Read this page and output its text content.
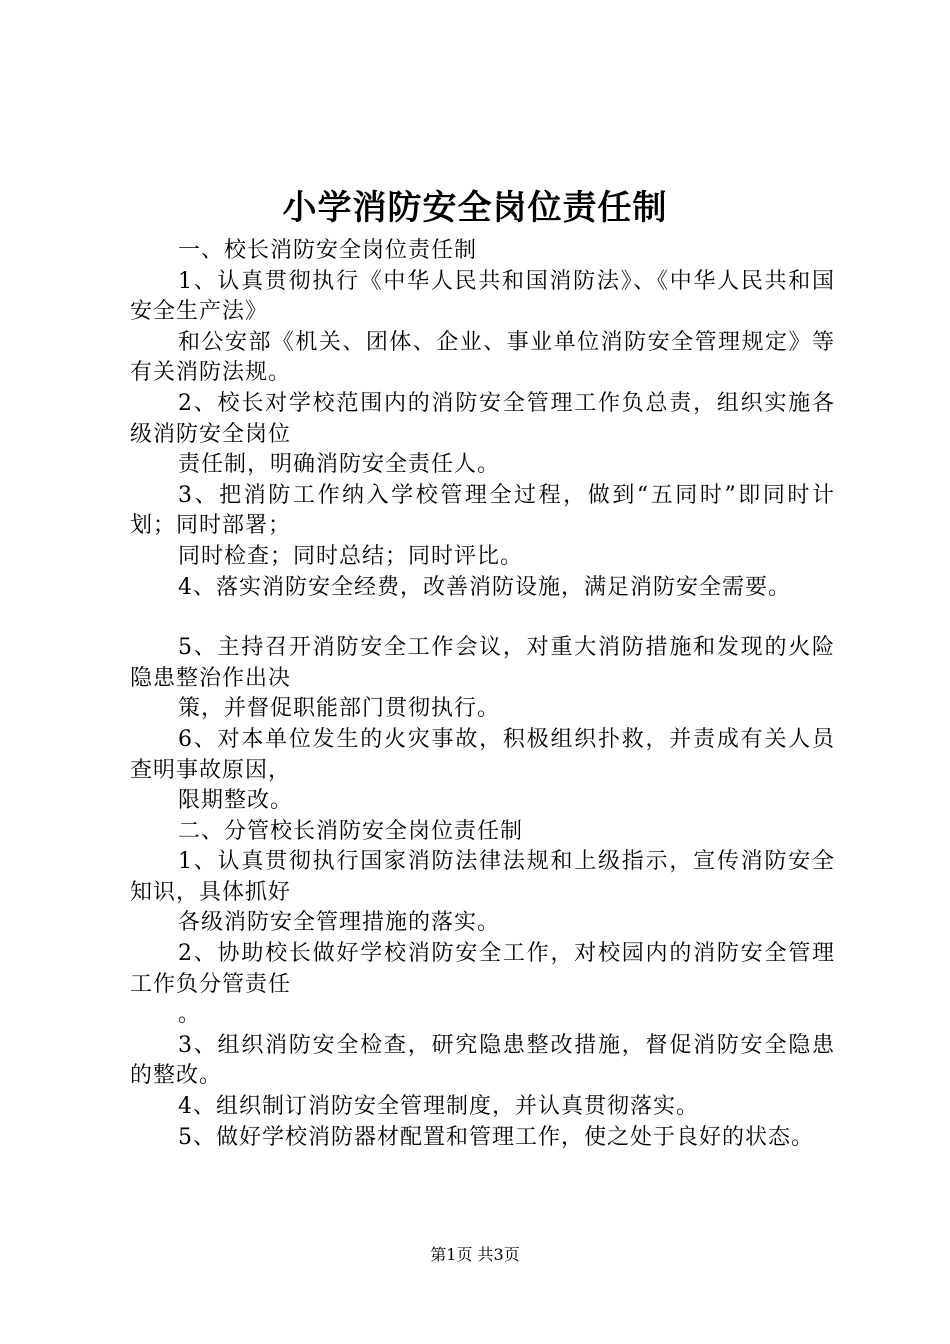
小学消防安全岗位责任制

一、校长消防安全岗位责任制

1、认真贯彻执行《中华人民共和国消防法》、《中华人民共和国安全生产法》

和公安部《机关、团体、企业、事业单位消防安全管理规定》等有关消防法规。

2、校长对学校范围内的消防安全管理工作负总责，组织实施各级消防安全岗位

责任制，明确消防安全责任人。

3、把消防工作纳入学校管理全过程，做到“五同时”即同时计划；同时部署；

同时检查；同时总结；同时评比。

4、落实消防安全经费，改善消防设施，满足消防安全需要。

5、主持召开消防安全工作会议，对重大消防措施和发现的火险隐患整治作出决

策，并督促职能部门贯彻执行。

6、对本单位发生的火灾事故，积极组织扑救，并责成有关人员查明事故原因，

限期整改。

二、分管校长消防安全岗位责任制

1、认真贯彻执行国家消防法律法规和上级指示，宣传消防安全知识，具体抓好

各级消防安全管理措施的落实。

2、协助校长做好学校消防安全工作，对校园内的消防安全管理工作负分管责任

。

3、组织消防安全检查，研究隐患整改措施，督促消防安全隐患的整改。

4、组织制订消防安全管理制度，并认真贯彻落实。

5、做好学校消防器材配置和管理工作，使之处于良好的状态。

第1页 共3页
